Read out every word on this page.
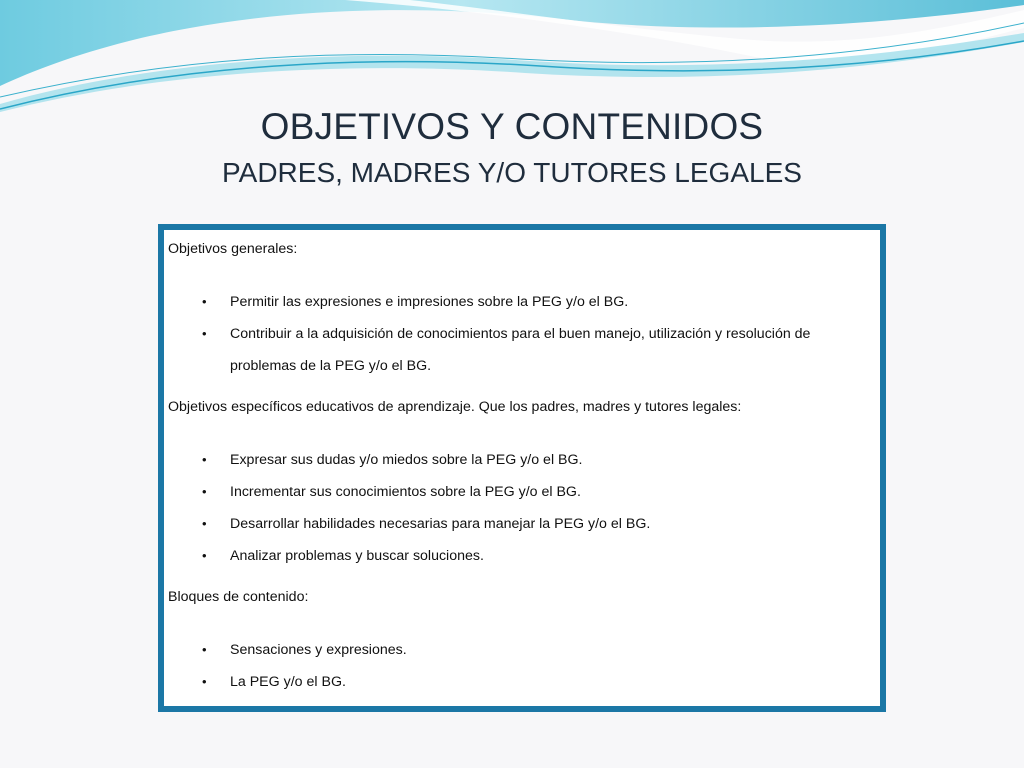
OBJETIVOS Y CONTENIDOS
PADRES, MADRES Y/O TUTORES LEGALES
Objetivos generales:
• Permitir las expresiones e impresiones sobre la PEG y/o el BG.
• Contribuir a la adquisición de conocimientos para el buen manejo, utilización y resolución de problemas de la PEG y/o el BG.
Objetivos específicos educativos de aprendizaje. Que los padres, madres y tutores legales:
• Expresar sus dudas y/o miedos sobre la PEG y/o el BG.
• Incrementar sus conocimientos sobre la PEG y/o el BG.
• Desarrollar habilidades necesarias para manejar la PEG y/o el BG.
• Analizar problemas y buscar soluciones.
Bloques de contenido:
• Sensaciones y expresiones.
• La PEG y/o el BG.
